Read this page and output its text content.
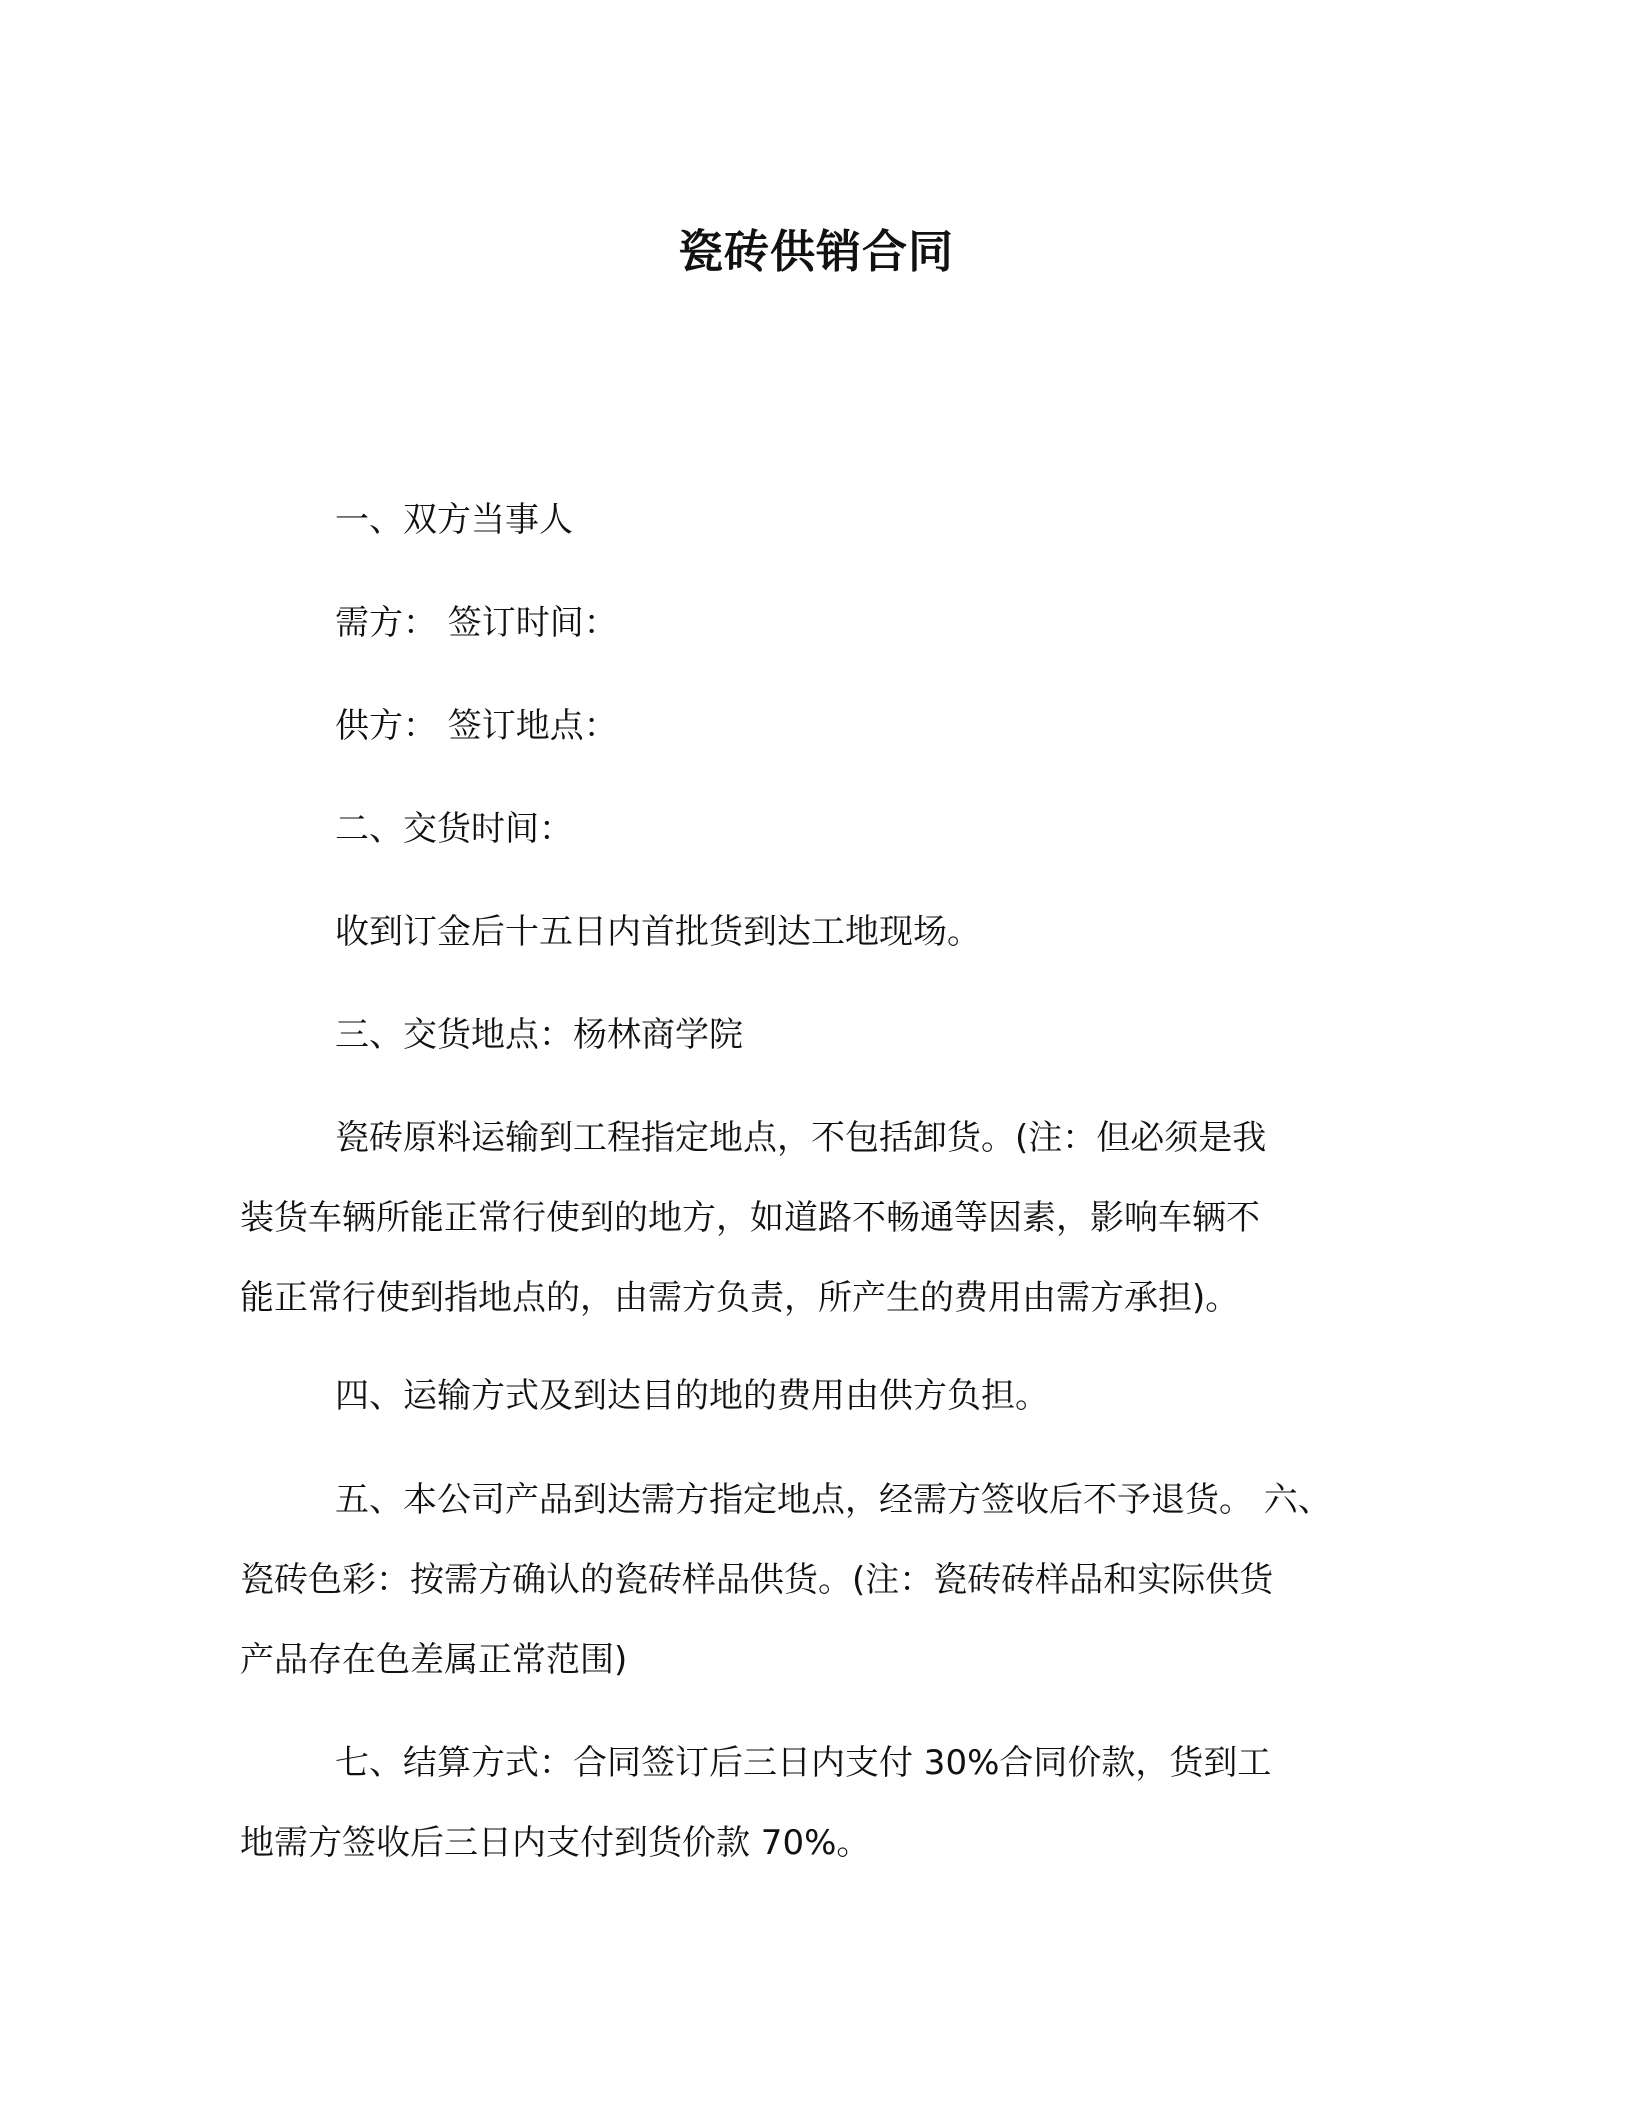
瓷砖供销合同
一、双方当事人
需方： 签订时间：
供方： 签订地点：
二、交货时间：
收到订金后十五日内首批货到达工地现场。
三、交货地点：杨林商学院
瓷砖原料运输到工程指定地点，不包括卸货。(注：但必须是我
装货车辆所能正常行使到的地方，如道路不畅通等因素，影响车辆不
能正常行使到指地点的，由需方负责，所产生的费用由需方承担)。
四、运输方式及到达目的地的费用由供方负担。
五、本公司产品到达需方指定地点，经需方签收后不予退货。 六、
瓷砖色彩：按需方确认的瓷砖样品供货。(注：瓷砖砖样品和实际供货
产品存在色差属正常范围)
七、结算方式：合同签订后三日内支付 30%合同价款，货到工
地需方签收后三日内支付到货价款 70%。
